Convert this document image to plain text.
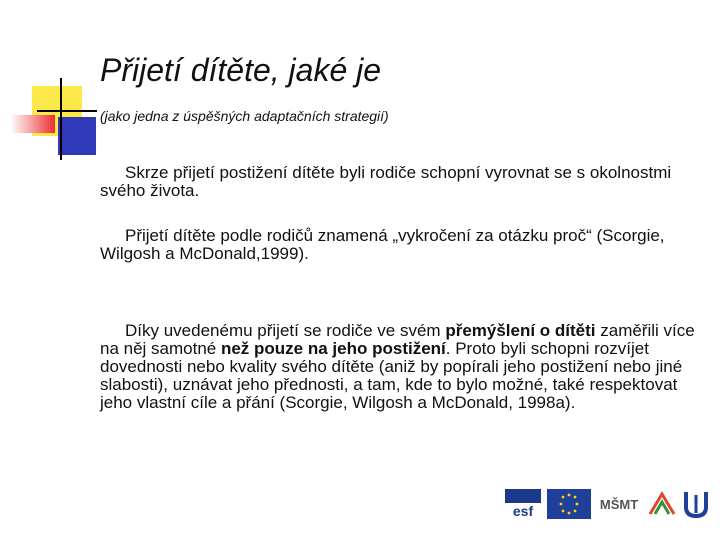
Přijetí dítěte, jaké je
(jako jedna z úspěšných adaptačních strategií)

Skrze přijetí postižení dítěte byli rodiče schopní vyrovnat se s okolnostmi svého života.

Přijetí dítěte podle rodičů znamená „vykročení za otázku proč“ (Scorgie, Wilgosh a McDonald,1999).

Díky uvedenému přijetí se rodiče ve svém přemýšlení o dítěti zaměřili více na něj samotné než pouze na jeho postižení. Proto byli schopni rozvíjet dovednosti nebo kvality svého dítěte (aniž by popírali jeho postižení nebo jiné slabosti), uznávat jeho přednosti, a tam, kde to bylo možné, také respektovat jeho vlastní cíle a přání (Scorgie, Wilgosh a McDonald, 1998a).

esf	MŠMT
